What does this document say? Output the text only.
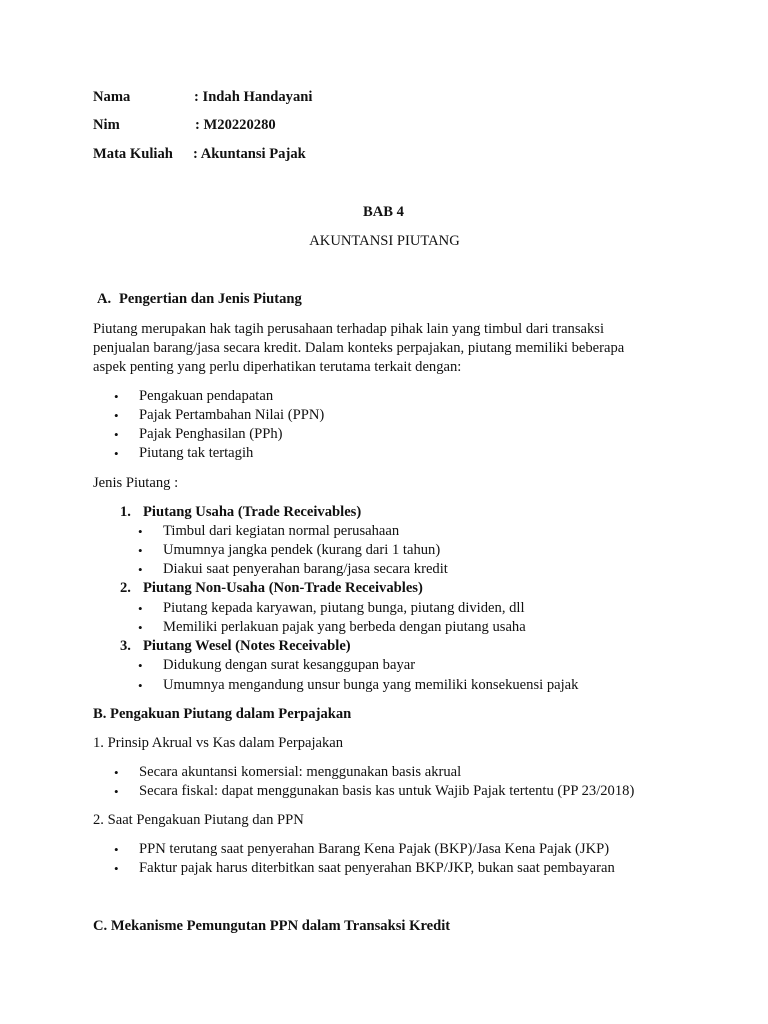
Nama	: Indah Handayani
Nim	: M20220280
Mata Kuliah : Akuntansi Pajak
BAB 4
AKUNTANSI PIUTANG
A. Pengertian dan Jenis Piutang
Piutang merupakan hak tagih perusahaan terhadap pihak lain yang timbul dari transaksi
penjualan barang/jasa secara kredit. Dalam konteks perpajakan, piutang memiliki beberapa
aspek penting yang perlu diperhatikan terutama terkait dengan:
• Pengakuan pendapatan
• Pajak Pertambahan Nilai (PPN)
• Pajak Penghasilan (PPh)
• Piutang tak tertagih
Jenis Piutang :
1. Piutang Usaha (Trade Receivables)
• Timbul dari kegiatan normal perusahaan
• Umumnya jangka pendek (kurang dari 1 tahun)
• Diakui saat penyerahan barang/jasa secara kredit
2. Piutang Non-Usaha (Non-Trade Receivables)
• Piutang kepada karyawan, piutang bunga, piutang dividen, dll
• Memiliki perlakuan pajak yang berbeda dengan piutang usaha
3. Piutang Wesel (Notes Receivable)
• Didukung dengan surat kesanggupan bayar
• Umumnya mengandung unsur bunga yang memiliki konsekuensi pajak
B. Pengakuan Piutang dalam Perpajakan
1. Prinsip Akrual vs Kas dalam Perpajakan
• Secara akuntansi komersial: menggunakan basis akrual
• Secara fiskal: dapat menggunakan basis kas untuk Wajib Pajak tertentu (PP 23/2018)
2. Saat Pengakuan Piutang dan PPN
• PPN terutang saat penyerahan Barang Kena Pajak (BKP)/Jasa Kena Pajak (JKP)
• Faktur pajak harus diterbitkan saat penyerahan BKP/JKP, bukan saat pembayaran
C. Mekanisme Pemungutan PPN dalam Transaksi Kredit
